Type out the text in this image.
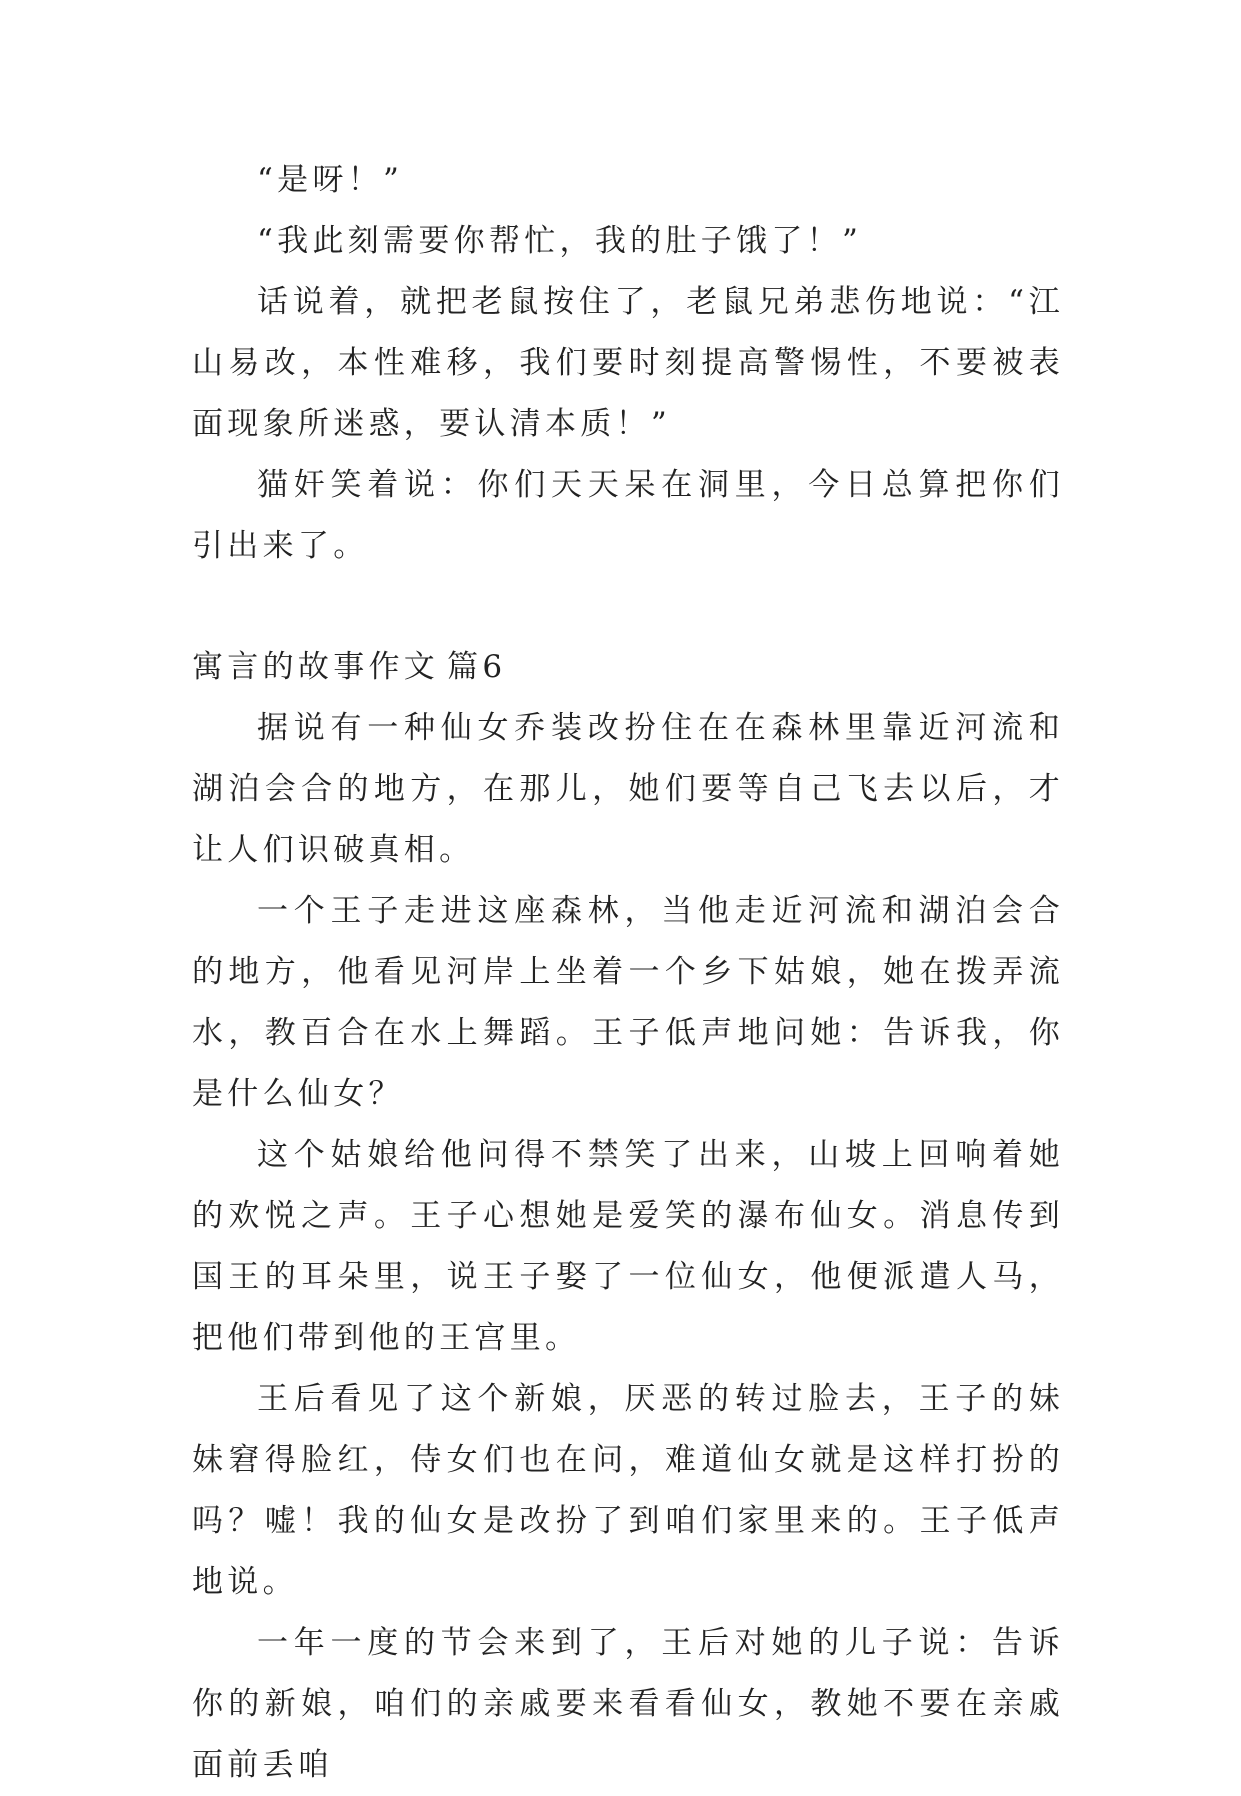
“是呀！”

“我此刻需要你帮忙，我的肚子饿了！”

话说着，就把老鼠按住了，老鼠兄弟悲伤地说：“江山易改，本性难移，我们要时刻提高警惕性，不要被表面现象所迷惑，要认清本质！”

猫奸笑着说：你们天天呆在洞里，今日总算把你们引出来了。

寓言的故事作文 篇6

据说有一种仙女乔装改扮住在在森林里靠近河流和湖泊会合的地方，在那儿，她们要等自己飞去以后，才让人们识破真相。

一个王子走进这座森林，当他走近河流和湖泊会合的地方，他看见河岸上坐着一个乡下姑娘，她在拨弄流水，教百合在水上舞蹈。王子低声地问她：告诉我，你是什么仙女？

这个姑娘给他问得不禁笑了出来，山坡上回响着她的欢悦之声。王子心想她是爱笑的瀑布仙女。消息传到国王的耳朵里，说王子娶了一位仙女，他便派遣人马，把他们带到他的王宫里。

王后看见了这个新娘，厌恶的转过脸去，王子的妹妹窘得脸红，侍女们也在问，难道仙女就是这样打扮的吗？嘘！我的仙女是改扮了到咱们家里来的。王子低声地说。

一年一度的节会来到了，王后对她的儿子说：告诉你的新娘，咱们的亲戚要来看看仙女，教她不要在亲戚面前丢咱
